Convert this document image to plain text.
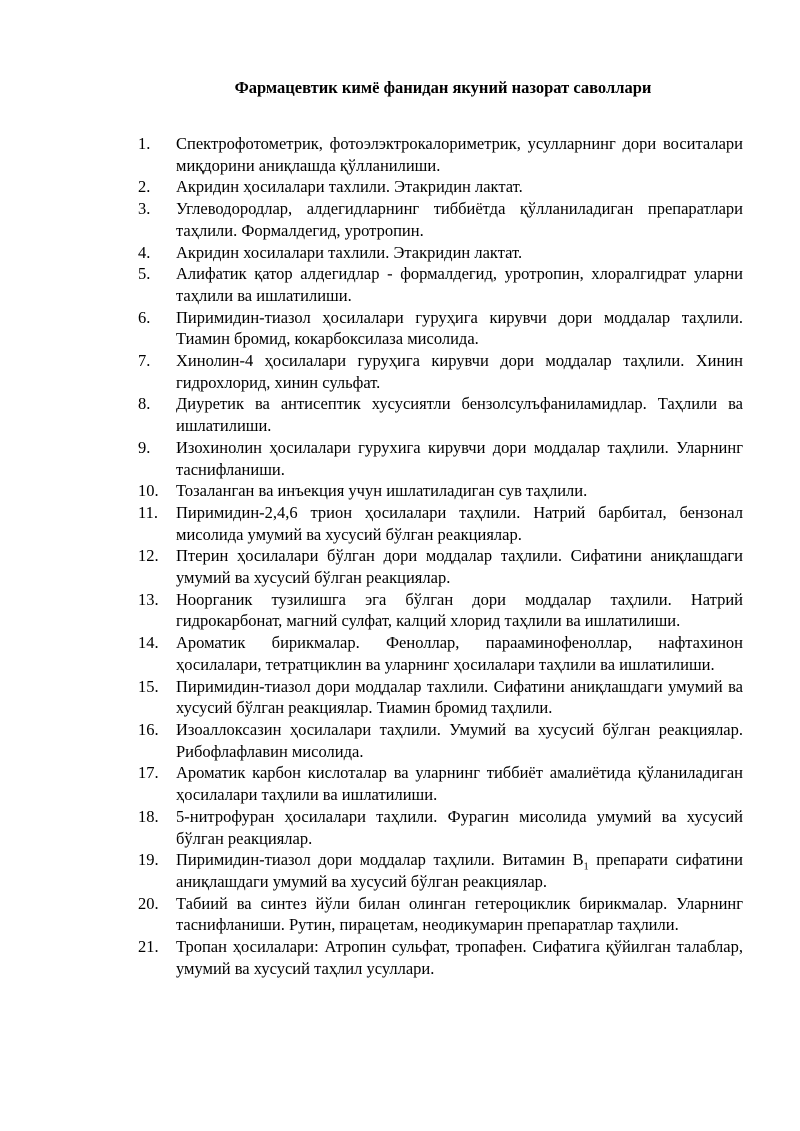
Фармацевтик кимё фанидан якуний назорат саволлари
1.	Спектрофотометрик, фотоэлэктрокалориметрик, усулларнинг дори воситалари миқдорини аниқлашда қўлланилиши.
2.	Акридин ҳосилалари тахлили. Этакридин лактат.
3.	Углеводородлар, алдегидларнинг тиббиётда қўлланиладиган препаратлари таҳлили. Формалдегид, уротропин.
4.	Акридин хосилалари тахлили. Этакридин лактат.
5.	Алифатик қатор алдегидлар - формалдегид, уротропин, хлоралгидрат уларни таҳлили ва ишлатилиши.
6.	Пиримидин-тиазол ҳосилалари гуруҳига кирувчи дори моддалар таҳлили. Тиамин бромид, кокарбоксилаза мисолида.
7.	Хинолин-4 ҳосилалари гуруҳига кирувчи дори моддалар таҳлили. Хинин гидрохлорид, хинин сульфат.
8.	Диуретик ва антисептик хусусиятли бензолсулъфаниламидлар. Таҳлили ва ишлатилиши.
9.	Изохинолин ҳосилалари гурухига кирувчи дори моддалар таҳлили. Уларнинг таснифланиши.
10.	Тозаланган ва инъекция учун ишлатиладиган сув таҳлили.
11.	Пиримидин-2,4,6 трион ҳосилалари таҳлили. Натрий барбитал, бензонал мисолида умумий ва хусусий бўлган реакциялар.
12.	Птерин ҳосилалари бўлган дори моддалар таҳлили. Сифатини аниқлашдаги умумий ва хусусий бўлган реакциялар.
13.	Ноорганик тузилишга эга бўлган дори моддалар таҳлили. Натрий гидрокарбонат, магний сулфат, калций хлорид таҳлили ва ишлатилиши.
14.	Ароматик бирикмалар. Феноллар, парааминофеноллар, нафтахинон ҳосилалари, тетратциклин ва уларнинг ҳосилалари таҳлили ва ишлатилиши.
15.	Пиримидин-тиазол дори моддалар тахлили. Сифатини аниқлашдаги умумий ва хусусий бўлган реакциялар. Тиамин бромид таҳлили.
16.	Изоаллоксазин ҳосилалари таҳлили. Умумий ва хусусий бўлган реакциялар. Рибофлафлавин мисолида.
17.	Ароматик карбон кислоталар ва уларнинг тиббиёт амалиётида қўланиладиган ҳосилалари таҳлили ва ишлатилиши.
18.	5-нитрофуран ҳосилалари таҳлили. Фурагин мисолида умумий ва хусусий бўлган реакциялар.
19.	Пиримидин-тиазол дори моддалар таҳлили. Витамин $В_1$ препарати сифатини аниқлашдаги умумий ва хусусий бўлган реакциялар.
20.	Табиий ва синтез йўли билан олинган гетероциклик бирикмалар. Уларнинг таснифланиши. Рутин, пирацетам, неодикумарин препаратлар таҳлили.
21.	Тропан ҳосилалари: Атропин сульфат, тропафен. Сифатига қўйилган талаблар, умумий ва хусусий таҳлил усуллари.
